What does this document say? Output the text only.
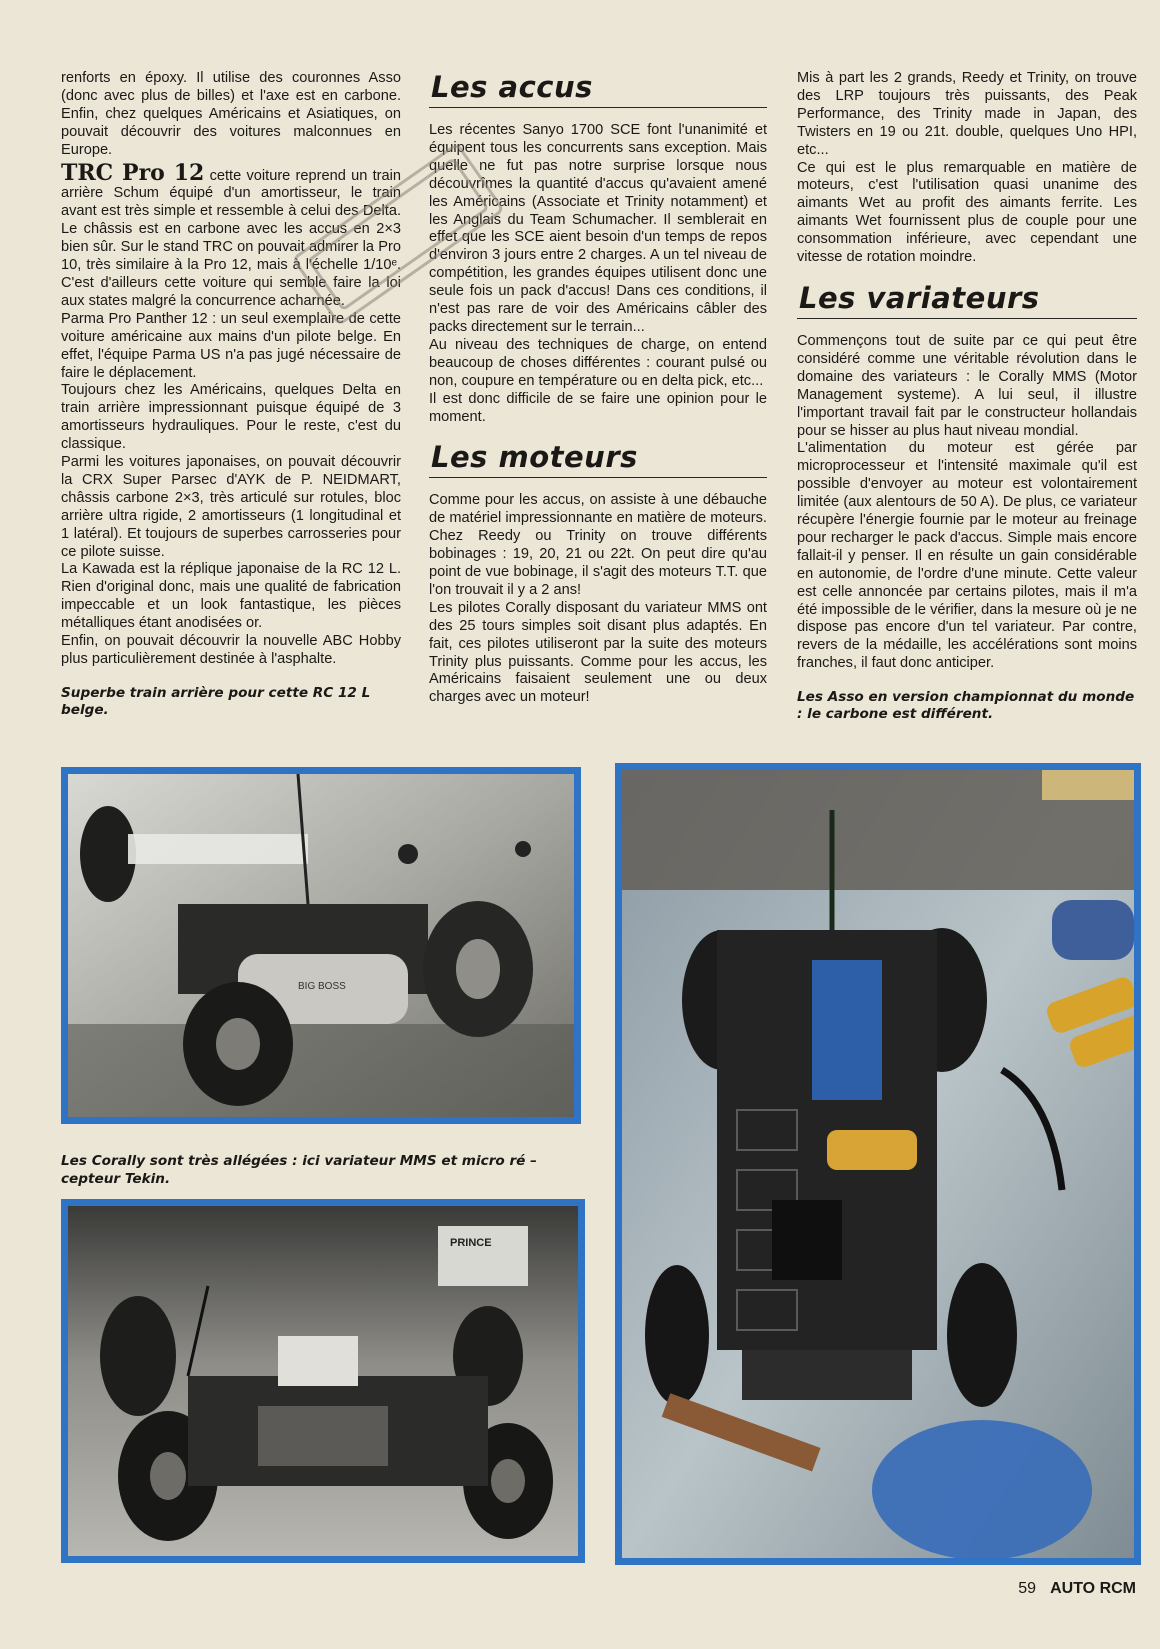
renforts en époxy. Il utilise des couronnes Asso (donc avec plus de billes) et l'axe est en carbone. Enfin, chez quelques Américains et Asiatiques, on pouvait découvrir des voitures malconnues en Europe.

TRC Pro 12 cette voiture reprend un train arrière Schum équipé d'un amortisseur, le train avant est très simple et ressemble à celui des Delta. Le châssis est en carbone avec les accus en 2×3 bien sûr. Sur le stand TRC on pouvait admirer la Pro 10, très similaire à la Pro 12, mais à l'échelle 1/10ᵉ. C'est d'ailleurs cette voiture qui semble faire la loi aux states malgré la concurrence acharnée.

Parma Pro Panther 12 : un seul exemplaire de cette voiture américaine aux mains d'un pilote belge. En effet, l'équipe Parma US n'a pas jugé nécessaire de faire le déplacement.

Toujours chez les Américains, quelques Delta en train arrière impressionnant puisque équipé de 3 amortisseurs hydrauliques. Pour le reste, c'est du classique.

Parmi les voitures japonaises, on pouvait découvrir la CRX Super Parsec d'AYK de P. NEIDMART, châssis carbone 2×3, très articulé sur rotules, bloc arrière ultra rigide, 2 amortisseurs (1 longitudinal et 1 latéral). Et toujours de superbes carrosseries pour ce pilote suisse.

La Kawada est la réplique japonaise de la RC 12 L. Rien d'original donc, mais une qualité de fabrication impeccable et un look fantastique, les pièces métalliques étant anodisées or.

Enfin, on pouvait découvrir la nouvelle ABC Hobby plus particulièrement destinée à l'asphalte.

Superbe train arrière pour cette RC 12 L belge.

Les accus

Les récentes Sanyo 1700 SCE font l'unanimité et équipent tous les concurrents sans exception. Mais quelle ne fut pas notre surprise lorsque nous découvrîmes la quantité d'accus qu'avaient amené les Américains (Associate et Trinity notamment) et les Anglais du Team Schumacher. Il semblerait en effet que les SCE aient besoin d'un temps de repos d'environ 3 jours entre 2 charges. A un tel niveau de compétition, les grandes équipes utilisent donc une seule fois un pack d'accus! Dans ces conditions, il n'est pas rare de voir des Américains câbler des packs directement sur le terrain...

Au niveau des techniques de charge, on entend beaucoup de choses différentes : courant pulsé ou non, coupure en température ou en delta pick, etc...

Il est donc difficile de se faire une opinion pour le moment.

Les moteurs

Comme pour les accus, on assiste à une débauche de matériel impressionnante en matière de moteurs. Chez Reedy ou Trinity on trouve différents bobinages : 19, 20, 21 ou 22t. On peut dire qu'au point de vue bobinage, il s'agit des moteurs T.T. que l'on trouvait il y a 2 ans!

Les pilotes Corally disposant du variateur MMS ont des 25 tours simples soit disant plus adaptés. En fait, ces pilotes utiliseront par la suite des moteurs Trinity plus puissants. Comme pour les accus, les Américains faisaient seulement une ou deux charges avec un moteur!

Mis à part les 2 grands, Reedy et Trinity, on trouve des LRP toujours très puissants, des Peak Performance, des Trinity made in Japan, des Twisters en 19 ou 21t. double, quelques Uno HPI, etc...

Ce qui est le plus remarquable en matière de moteurs, c'est l'utilisation quasi unanime des aimants Wet au profit des aimants ferrite. Les aimants Wet fournissent plus de couple pour une consommation inférieure, avec cependant une vitesse de rotation moindre.

Les variateurs

Commençons tout de suite par ce qui peut être considéré comme une véritable révolution dans le domaine des variateurs : le Corally MMS (Motor Management systeme). A lui seul, il illustre l'important travail fait par le constructeur hollandais pour se hisser au plus haut niveau mondial.

L'alimentation du moteur est gérée par microprocesseur et l'intensité maximale qu'il est possible d'envoyer au moteur est volontairement limitée (aux alentours de 50 A). De plus, ce variateur récupère l'énergie fournie par le moteur au freinage pour recharger le pack d'accus. Simple mais encore fallait-il y penser. Il en résulte un gain considérable en autonomie, de l'ordre d'une minute. Cette valeur est celle annoncée par certains pilotes, mais il m'a été impossible de le vérifier, dans la mesure où je ne dispose pas encore d'un tel variateur. Par contre, revers de la médaille, les accélérations sont moins franches, il faut donc anticiper.

Les Asso en version championnat du monde : le carbone est différent.

BIG BOSS
Les Corally sont très allégées : ici variateur MMS et micro ré – cepteur Tekin.
PRINCE
59 AUTO RCM
